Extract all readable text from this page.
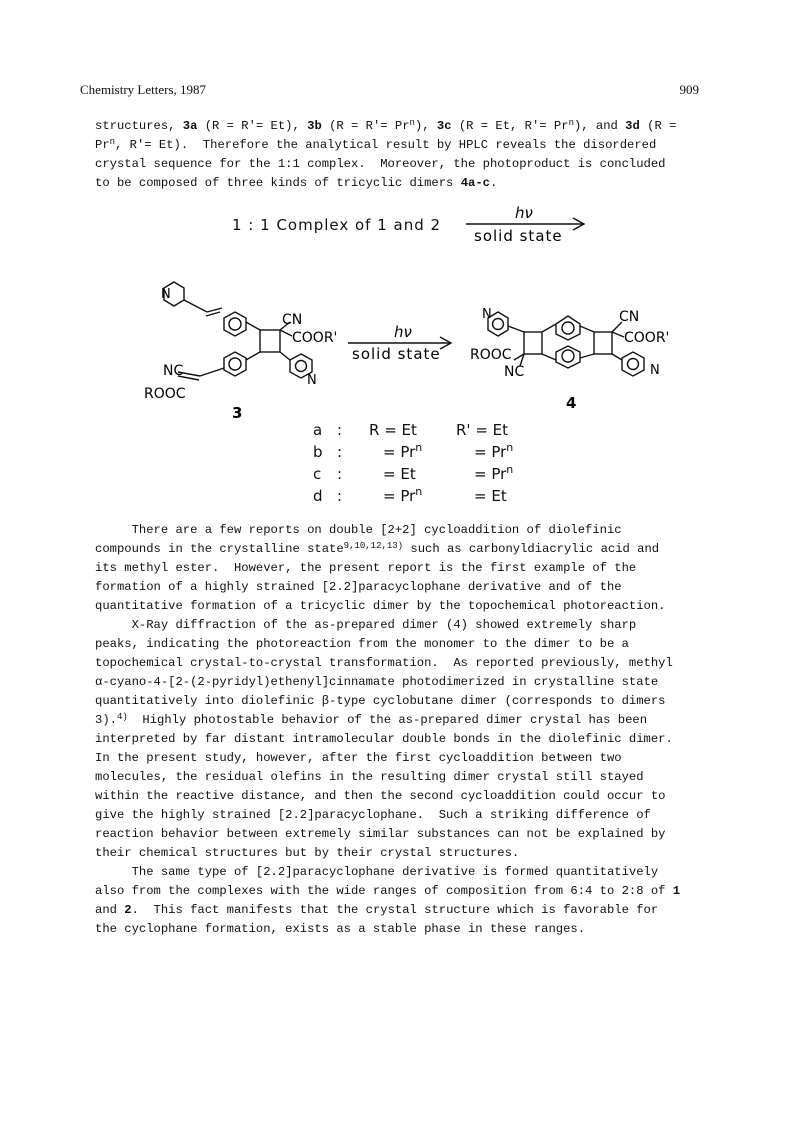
Chemistry Letters, 1987	909
structures, 3a (R = R'= Et), 3b $(R = R'= Pr^n)$, 3c (R = Et, $R'= Pr^n$), and 3d (R =
$Pr^n$, R'= Et).  Therefore the analytical result by HPLC reveals the disordered
crystal sequence for the 1:1 complex.  Moreover, the photoproduct is concluded
to be composed of three kinds of tricyclic dimers 4a-c.
1 : 1 Complex of 1 and 2
hν
solid state
N
CN
COOR'
NC
ROOC
N
3
hν
solid state
N	CN
COOR'
ROOC
NC	N
4
a : R = Et	R' = Et
b :	= $Pr^n$	= $Pr^n$
c :	= Et	= $Pr^n$
d :	= $Pr^n$	= Et
There are a few reports on double [2+2] cycloaddition of diolefinic
compounds in the crystalline state$^{9,10,12,13)}$ such as carbonyldiacrylic acid and
its methyl ester.  However, the present report is the first example of the
formation of a highly strained [2.2]paracyclophane derivative and of the
quantitative formation of a tricyclic dimer by the topochemical photoreaction.
X-Ray diffraction of the as-prepared dimer (4) showed extremely sharp
peaks, indicating the photoreaction from the monomer to the dimer to be a
topochemical crystal-to-crystal transformation.  As reported previously, methyl
α-cyano-4-[2-(2-pyridyl)ethenyl]cinnamate photodimerized in crystalline state
quantitatively into diolefinic β-type cyclobutane dimer (corresponds to dimers
3).$^{4)}$  Highly photostable behavior of the as-prepared dimer crystal has been
interpreted by far distant intramolecular double bonds in the diolefinic dimer.
In the present study, however, after the first cycloaddition between two
molecules, the residual olefins in the resulting dimer crystal still stayed
within the reactive distance, and then the second cycloaddition could occur to
give the highly strained [2.2]paracyclophane.  Such a striking difference of
reaction behavior between extremely similar substances can not be explained by
their chemical structures but by their crystal structures.
The same type of [2.2]paracyclophane derivative is formed quantitatively
also from the complexes with the wide ranges of composition from 6:4 to 2:8 of 1
and 2.  This fact manifests that the crystal structure which is favorable for
the cyclophane formation, exists as a stable phase in these ranges.
